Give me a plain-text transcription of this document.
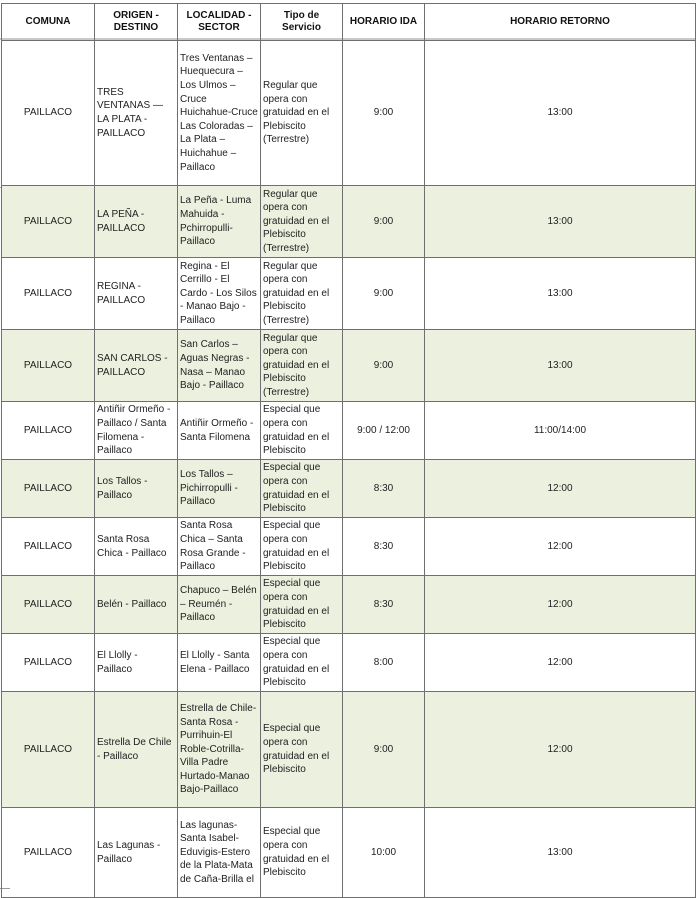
COMUNA	ORIGEN - DESTINO	LOCALIDAD - SECTOR	Tipo de Servicio	HORARIO IDA	HORARIO RETORNO
PAILLACO	TRES VENTANAS — LA PLATA - PAILLACO	Tres Ventanas – Huequecura – Los Ulmos – Cruce Huichahue-Cruce Las Coloradas – La Plata – Huichahue – Paillaco	Regular que opera con gratuidad en el Plebiscito (Terrestre)	9:00	13:00
PAILLACO	LA PEÑA - PAILLACO	La Peña - Luma Mahuida - Pchirropulli-Paillaco	Regular que opera con gratuidad en el Plebiscito (Terrestre)	9:00	13:00
PAILLACO	REGINA - PAILLACO	Regina - El Cerrillo - El Cardo - Los Silos - Manao Bajo - Paillaco	Regular que opera con gratuidad en el Plebiscito (Terrestre)	9:00	13:00
PAILLACO	SAN CARLOS - PAILLACO	San Carlos – Aguas Negras - Nasa – Manao Bajo - Paillaco	Regular que opera con gratuidad en el Plebiscito (Terrestre)	9:00	13:00
PAILLACO	Antiñir Ormeño - Paillaco / Santa Filomena - Paillaco	Antiñir Ormeño - Santa Filomena	Especial que opera con gratuidad en el Plebiscito	9:00 / 12:00	11:00/14:00
PAILLACO	Los Tallos - Paillaco	Los Tallos – Pichirropulli - Paillaco	Especial que opera con gratuidad en el Plebiscito	8:30	12:00
PAILLACO	Santa Rosa Chica - Paillaco	Santa Rosa Chica – Santa Rosa Grande - Paillaco	Especial que opera con gratuidad en el Plebiscito	8:30	12:00
PAILLACO	Belén - Paillaco	Chapuco – Belén – Reumén - Paillaco	Especial que opera con gratuidad en el Plebiscito	8:30	12:00
PAILLACO	El Llolly - Paillaco	El Llolly - Santa Elena - Paillaco	Especial que opera con gratuidad en el Plebiscito	8:00	12:00
PAILLACO	Estrella De Chile - Paillaco	Estrella de Chile-Santa Rosa - Purrihuin-El Roble-Cotrilla-Villa Padre Hurtado-Manao Bajo-Paillaco	Especial que opera con gratuidad en el Plebiscito	9:00	12:00
PAILLACO	Las Lagunas - Paillaco	Las lagunas-Santa Isabel-Eduvigis-Estero de la Plata-Mata de Caña-Brilla el	Especial que opera con gratuidad en el Plebiscito	10:00	13:00
